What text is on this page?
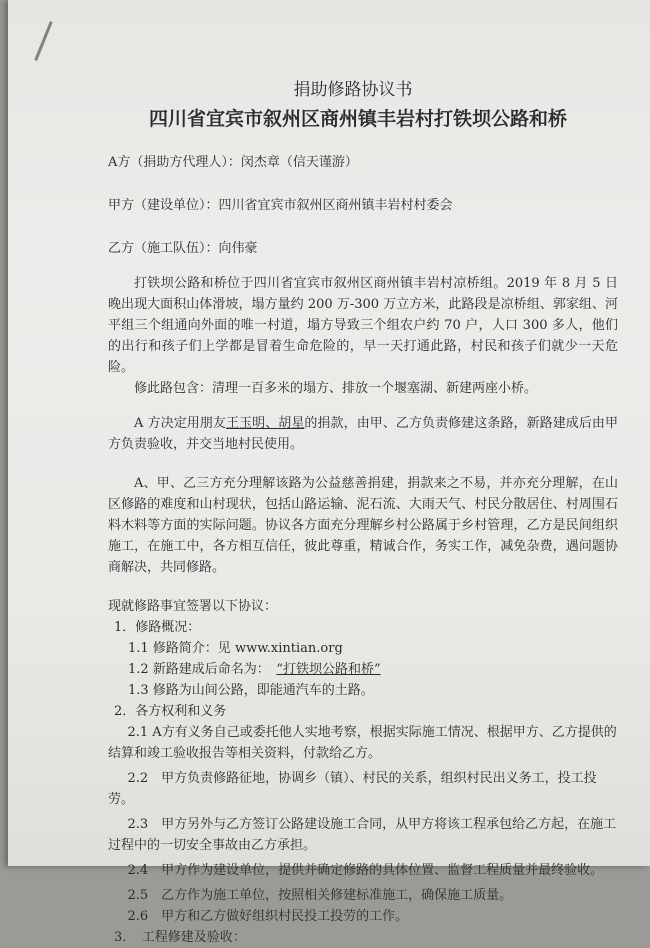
捐助修路协议书
四川省宜宾市叙州区商州镇丰岩村打铁坝公路和桥

A方（捐助方代理人）：闵杰章（信天谨游）

甲方（建设单位）：四川省宜宾市叙州区商州镇丰岩村村委会

乙方（施工队伍）：向伟豪

打铁坝公路和桥位于四川省宜宾市叙州区商州镇丰岩村凉桥组。2019 年 8 月 5 日晚出现大面积山体滑坡，塌方量约 200 万-300 万立方米，此路段是凉桥组、郭家组、河平组三个组通向外面的唯一村道，塌方导致三个组农户约 70 户，人口 300 多人，他们的出行和孩子们上学都是冒着生命危险的，早一天打通此路，村民和孩子们就少一天危险。

修此路包含：清理一百多米的塌方、排放一个堰塞湖、新建两座小桥。

A 方决定用朋友王玉明、胡星的捐款，由甲、乙方负责修建这条路，新路建成后由甲方负责验收，并交当地村民使用。

A、甲、乙三方充分理解该路为公益慈善捐建，捐款来之不易，并亦充分理解，在山区修路的难度和山村现状，包括山路运输、泥石流、大雨天气、村民分散居住、村周围石料木料等方面的实际问题。协议各方面充分理解乡村公路属于乡村管理，乙方是民间组织施工，在施工中，各方相互信任，彼此尊重，精诚合作，务实工作，减免杂费，遇问题协商解决，共同修路。

现就修路事宜签署以下协议：

1．修路概况：

1.1 修路简介：见 www.xintian.org

1.2 新路建成后命名为：　 “打铁坝公路和桥”

1.3 修路为山间公路，即能通汽车的土路。

2．各方权利和义务

2.1 A方有义务自己或委托他人实地考察，根据实际施工情况、根据甲方、乙方提供的结算和竣工验收报告等相关资料，付款给乙方。

2.2　甲方负责修路征地，协调乡（镇）、村民的关系，组织村民出义务工，投工投劳。

2.3　甲方另外与乙方签订公路建设施工合同，从甲方将该工程承包给乙方起，在施工过程中的一切安全事故由乙方承担。

2.4　甲方作为建设单位，提供并确定修路的具体位置、监督工程质量并最终验收。

2.5　乙方作为施工单位，按照相关修建标准施工，确保施工质量。

2.6　甲方和乙方做好组织村民投工投劳的工作。

3．　工程修建及验收：
